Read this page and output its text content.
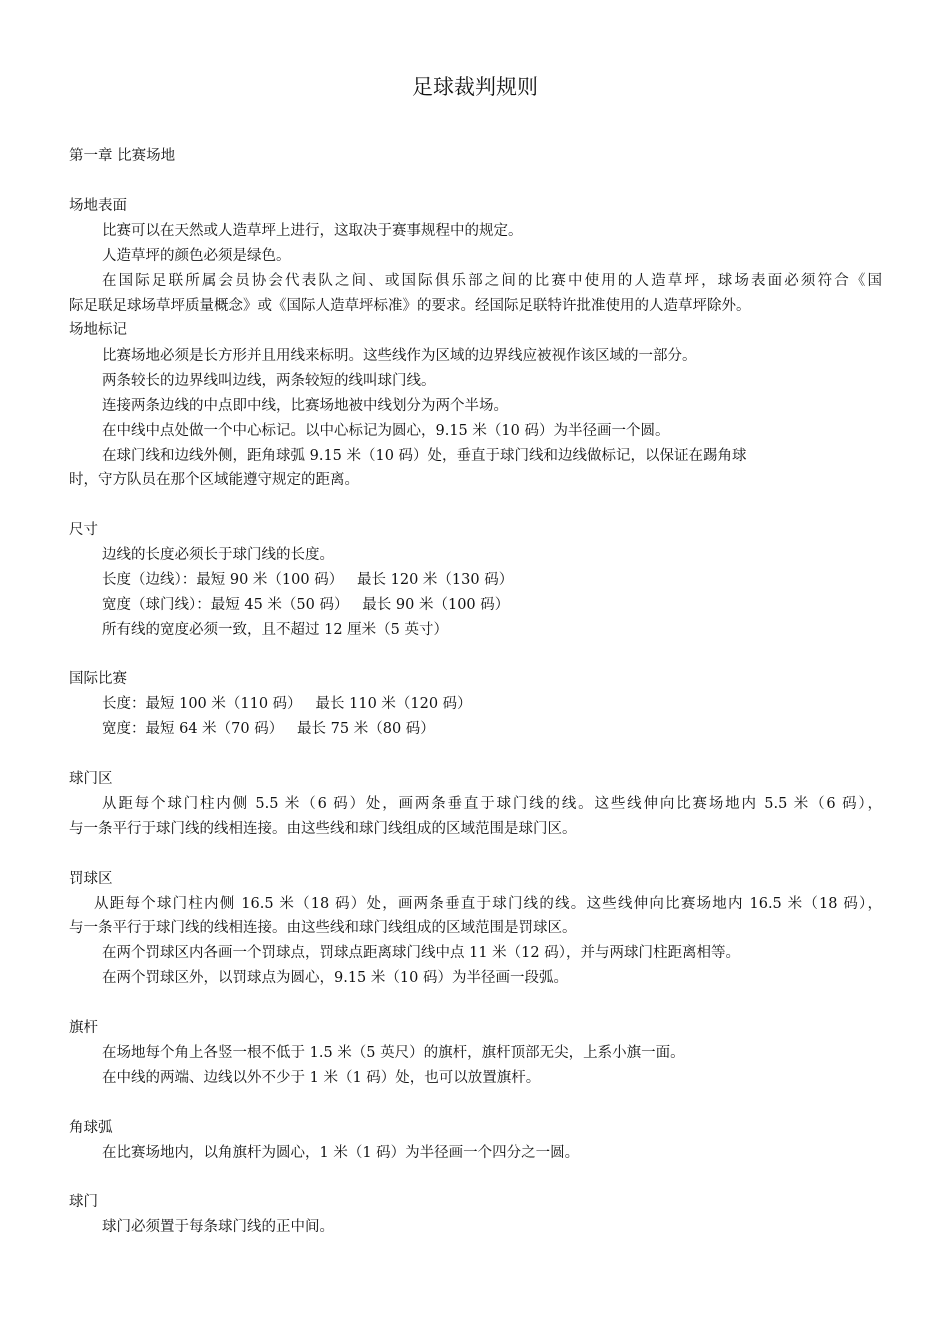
足球裁判规则
第一章 比赛场地
场地表面
比赛可以在天然或人造草坪上进行，这取决于赛事规程中的规定。
人造草坪的颜色必须是绿色。
在国际足联所属会员协会代表队之间、或国际俱乐部之间的比赛中使用的人造草坪，球场表面必须符合《国
际足联足球场草坪质量概念》或《国际人造草坪标准》的要求。经国际足联特许批准使用的人造草坪除外。
场地标记
比赛场地必须是长方形并且用线来标明。这些线作为区域的边界线应被视作该区域的一部分。
两条较长的边界线叫边线，两条较短的线叫球门线。
连接两条边线的中点即中线，比赛场地被中线划分为两个半场。
在中线中点处做一个中心标记。以中心标记为圆心，9.15 米（10 码）为半径画一个圆。
在球门线和边线外侧，距角球弧 9.15 米（10 码）处，垂直于球门线和边线做标记，以保证在踢角球
时，守方队员在那个区域能遵守规定的距离。
尺寸
边线的长度必须长于球门线的长度。
长度（边线）：最短 90 米（100 码）   最长 120 米（130 码）
宽度（球门线）：最短 45 米（50 码）   最长 90 米（100 码）
所有线的宽度必须一致，且不超过 12 厘米（5 英寸）
国际比赛
长度：最短 100 米（110 码）   最长 110 米（120 码）
宽度：最短 64 米（70 码）   最长 75 米（80 码）
球门区
从距每个球门柱内侧 5.5 米（6 码）处，画两条垂直于球门线的线。这些线伸向比赛场地内 5.5 米（6 码），
与一条平行于球门线的线相连接。由这些线和球门线组成的区域范围是球门区。
罚球区
从距每个球门柱内侧 16.5 米（18 码）处，画两条垂直于球门线的线。这些线伸向比赛场地内 16.5 米（18 码），
与一条平行于球门线的线相连接。由这些线和球门线组成的区域范围是罚球区。
在两个罚球区内各画一个罚球点，罚球点距离球门线中点 11 米（12 码），并与两球门柱距离相等。
在两个罚球区外，以罚球点为圆心，9.15 米（10 码）为半径画一段弧。
旗杆
在场地每个角上各竖一根不低于 1.5 米（5 英尺）的旗杆，旗杆顶部无尖，上系小旗一面。
在中线的两端、边线以外不少于 1 米（1 码）处，也可以放置旗杆。
角球弧
在比赛场地内，以角旗杆为圆心，1 米（1 码）为半径画一个四分之一圆。
球门
球门必须置于每条球门线的正中间。
